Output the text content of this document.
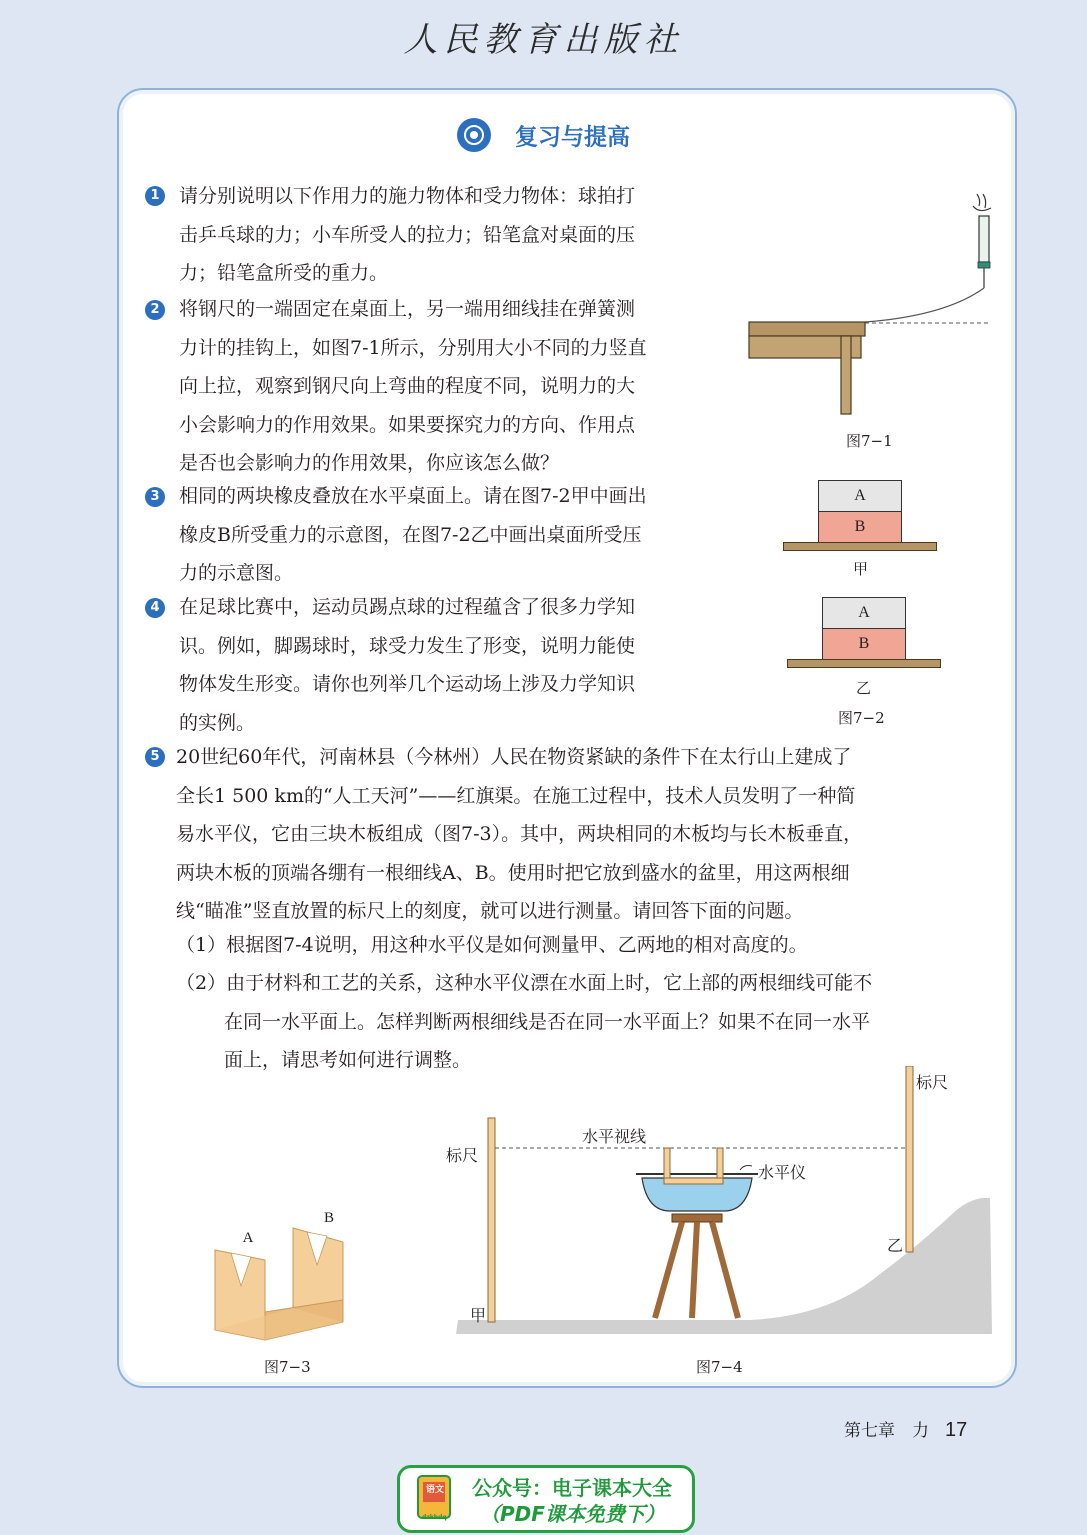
人民教育出版社
复习与提高
1 请分别说明以下作用力的施力物体和受力物体：球拍打
击乒乓球的力；小车所受人的拉力；铅笔盒对桌面的压
力；铅笔盒所受的重力。
2 将钢尺的一端固定在桌面上，另一端用细线挂在弹簧测
力计的挂钩上，如图7-1所示，分别用大小不同的力竖直
向上拉，观察到钢尺向上弯曲的程度不同，说明力的大
小会影响力的作用效果。如果要探究力的方向、作用点
是否也会影响力的作用效果，你应该怎么做？
3 相同的两块橡皮叠放在水平桌面上。请在图7-2甲中画出
橡皮B所受重力的示意图，在图7-2乙中画出桌面所受压
力的示意图。
4 在足球比赛中，运动员踢点球的过程蕴含了很多力学知
识。例如，脚踢球时，球受力发生了形变，说明力能使
物体发生形变。请你也列举几个运动场上涉及力学知识
的实例。
5 20世纪60年代，河南林县（今林州）人民在物资紧缺的条件下在太行山上建成了
全长1 500 km的“人工天河”——红旗渠。在施工过程中，技术人员发明了一种简
易水平仪，它由三块木板组成（图7-3）。其中，两块相同的木板均与长木板垂直，
两块木板的顶端各绷有一根细线A、B。使用时把它放到盛水的盆里，用这两根细
线“瞄准”竖直放置的标尺上的刻度，就可以进行测量。请回答下面的问题。
（1）根据图7-4说明，用这种水平仪是如何测量甲、乙两地的相对高度的。
（2）由于材料和工艺的关系，这种水平仪漂在水面上时，它上部的两根细线可能不
在同一水平面上。怎样判断两根细线是否在同一水平面上？如果不在同一水平
面上，请思考如何进行调整。
图7−1
A
B
甲
A
B
乙
图7−2
A
B
图7−3
标尺
标尺
水平视线
水平仪
甲
乙
图7−4
第七章　力 17
语文
dzkbdq
公众号：电子课本大全
（PDF课本免费下）
